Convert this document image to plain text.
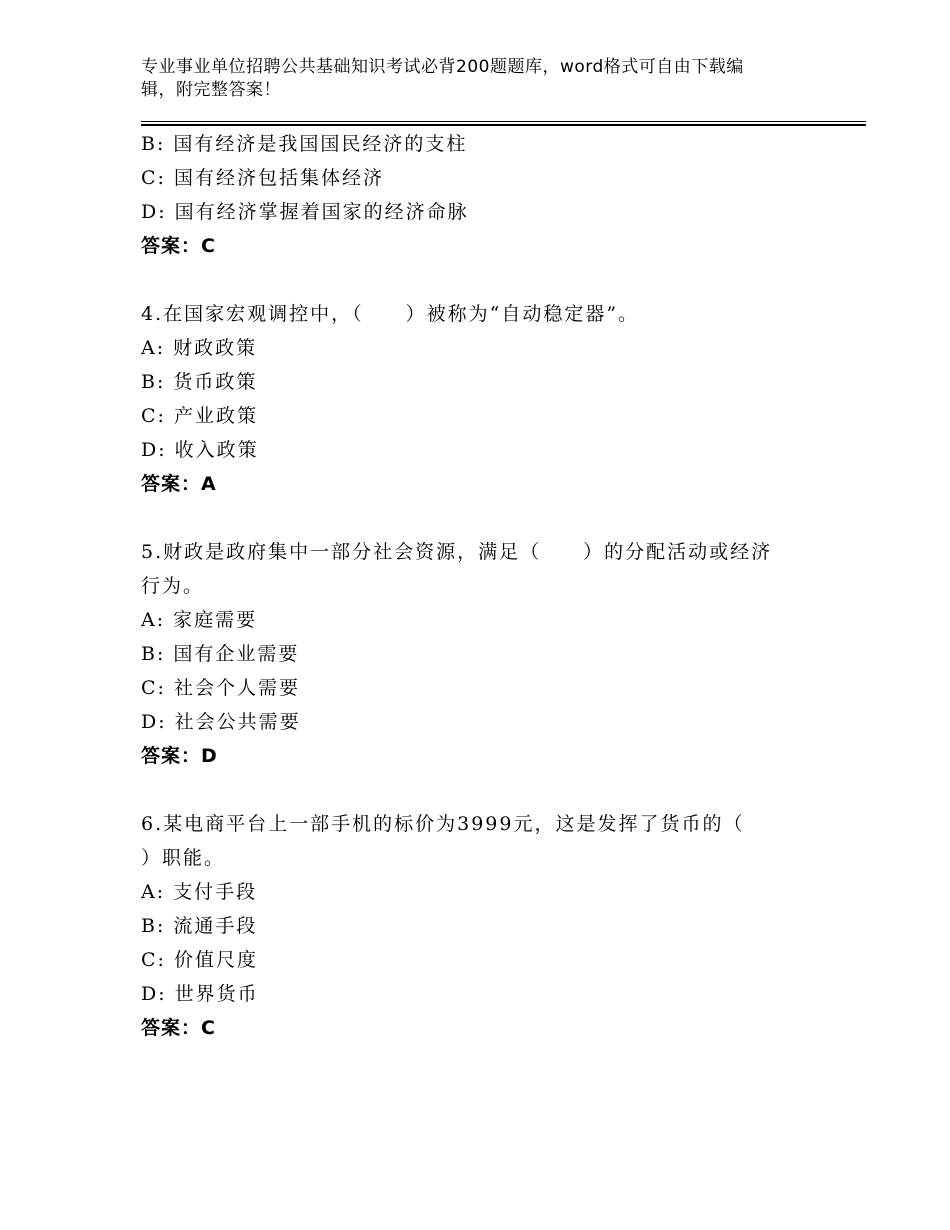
专业事业单位招聘公共基础知识考试必背200题题库，word格式可自由下载编
辑，附完整答案！
B: 国有经济是我国国民经济的支柱
C: 国有经济包括集体经济
D: 国有经济掌握着国家的经济命脉
答案：C
4.在国家宏观调控中，（　　）被称为“自动稳定器”。
A: 财政政策
B: 货币政策
C: 产业政策
D: 收入政策
答案：A
5.财政是政府集中一部分社会资源，满足（　　）的分配活动或经济
行为。
A: 家庭需要
B: 国有企业需要
C: 社会个人需要
D: 社会公共需要
答案：D
6.某电商平台上一部手机的标价为3999元，这是发挥了货币的（
）职能。
A: 支付手段
B: 流通手段
C: 价值尺度
D: 世界货币
答案：C
